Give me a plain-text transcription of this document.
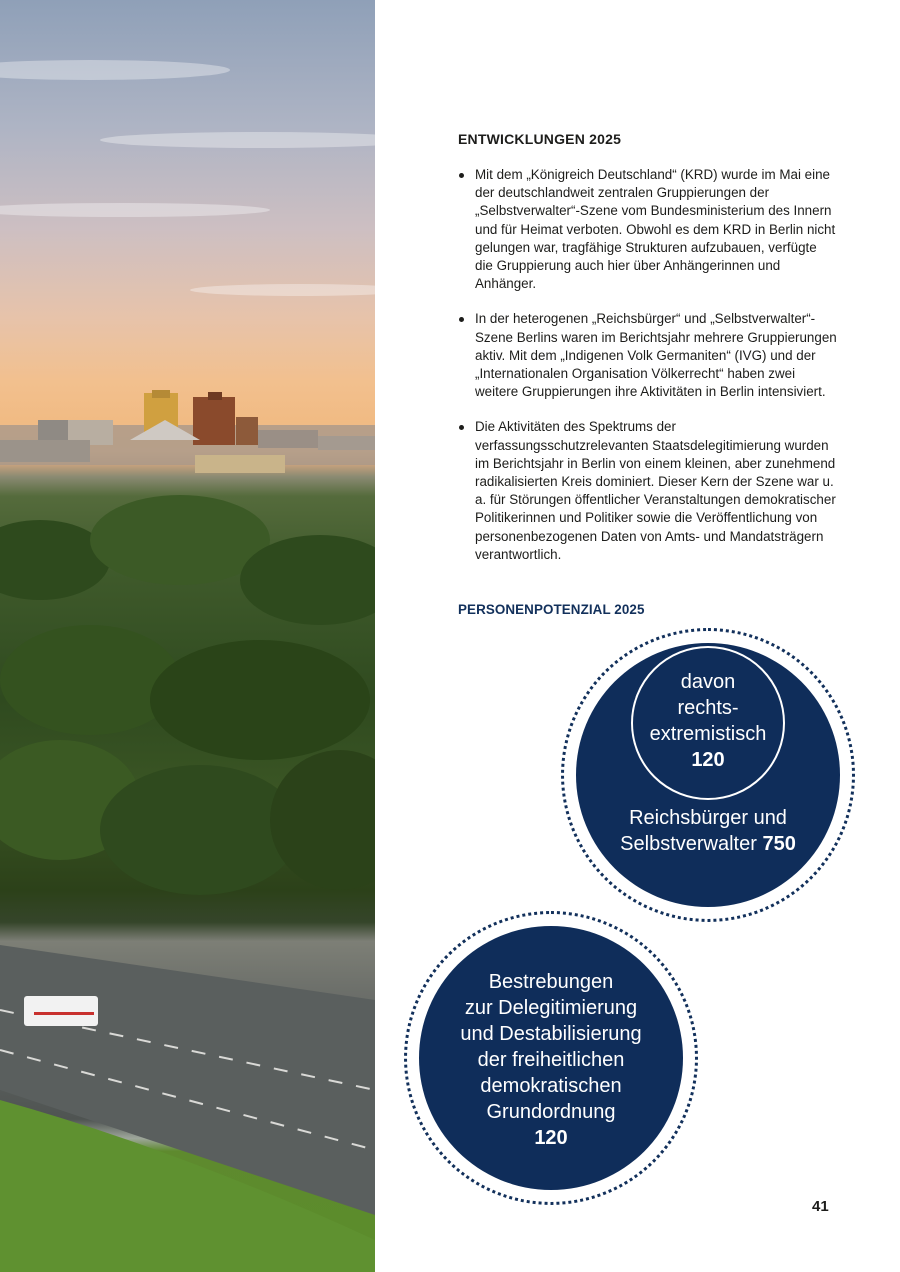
ENTWICKLUNGEN 2025
Mit dem „Königreich Deutschland“ (KRD) wurde im Mai eine der deutschlandweit zentralen Gruppierungen der „Selbstverwalter“-Szene vom Bundesministerium des Innern und für Heimat verboten. Obwohl es dem KRD in Berlin nicht gelungen war, tragfähige Strukturen aufzubauen, verfügte die Gruppierung auch hier über Anhängerinnen und Anhänger.
In der heterogenen „Reichsbürger“ und „Selbstverwalter“-Szene Berlins waren im Berichtsjahr mehrere Gruppierungen aktiv. Mit dem „Indigenen Volk Germaniten“ (IVG) und der „Internationalen Organisation Völkerrecht“ haben zwei weitere Gruppierungen ihre Aktivitäten in Berlin intensiviert.
Die Aktivitäten des Spektrums der verfassungsschutzrelevanten Staatsdelegitimierung wurden im Berichtsjahr in Berlin von einem kleinen, aber zunehmend radikalisierten Kreis dominiert. Dieser Kern der Szene war u. a. für Störungen öffentlicher Veranstaltungen demokratischer Politikerinnen und Politiker sowie die Veröffentlichung von personenbezogenen Daten von Amts- und Mandatsträgern verantwortlich.
PERSONENPOTENZIAL 2025
davon
rechts-
extremistisch
120
Reichsbürger und
Selbstverwalter 750
Bestrebungen
zur Delegitimierung
und Destabilisierung
der freiheitlichen
demokratischen
Grundordnung
120
41
